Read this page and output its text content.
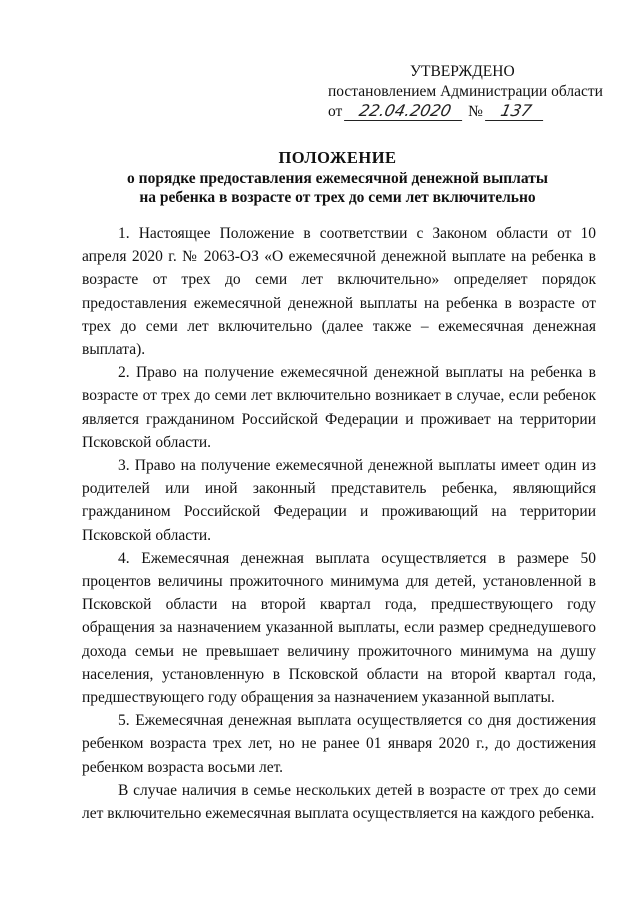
УТВЕРЖДЕНО
постановлением Администрации области
от 22.04.2020 № 137
ПОЛОЖЕНИЕ
о порядке предоставления ежемесячной денежной выплаты
на ребенка в возрасте от трех до семи лет включительно

1. Настоящее Положение в соответствии с Законом области от 10 апреля 2020 г. № 2063-ОЗ «О ежемесячной денежной выплате на ребенка в возрасте от трех до семи лет включительно» определяет порядок предоставления ежемесячной денежной выплаты на ребенка в возрасте от трех до семи лет включительно (далее также – ежемесячная денежная выплата).

2. Право на получение ежемесячной денежной выплаты на ребенка в возрасте от трех до семи лет включительно возникает в случае, если ребенок является гражданином Российской Федерации и проживает на территории Псковской области.

3. Право на получение ежемесячной денежной выплаты имеет один из родителей или иной законный представитель ребенка, являющийся гражданином Российской Федерации и проживающий на территории Псковской области.

4. Ежемесячная денежная выплата осуществляется в размере 50 процентов величины прожиточного минимума для детей, установленной в Псковской области на второй квартал года, предшествующего году обращения за назначением указанной выплаты, если размер среднедушевого дохода семьи не превышает величину прожиточного минимума на душу населения, установленную в Псковской области на второй квартал года, предшествующего году обращения за назначением указанной выплаты.

5. Ежемесячная денежная выплата осуществляется со дня достижения ребенком возраста трех лет, но не ранее 01 января 2020 г., до достижения ребенком возраста восьми лет.

В случае наличия в семье нескольких детей в возрасте от трех до семи лет включительно ежемесячная выплата осуществляется на каждого ребенка.
